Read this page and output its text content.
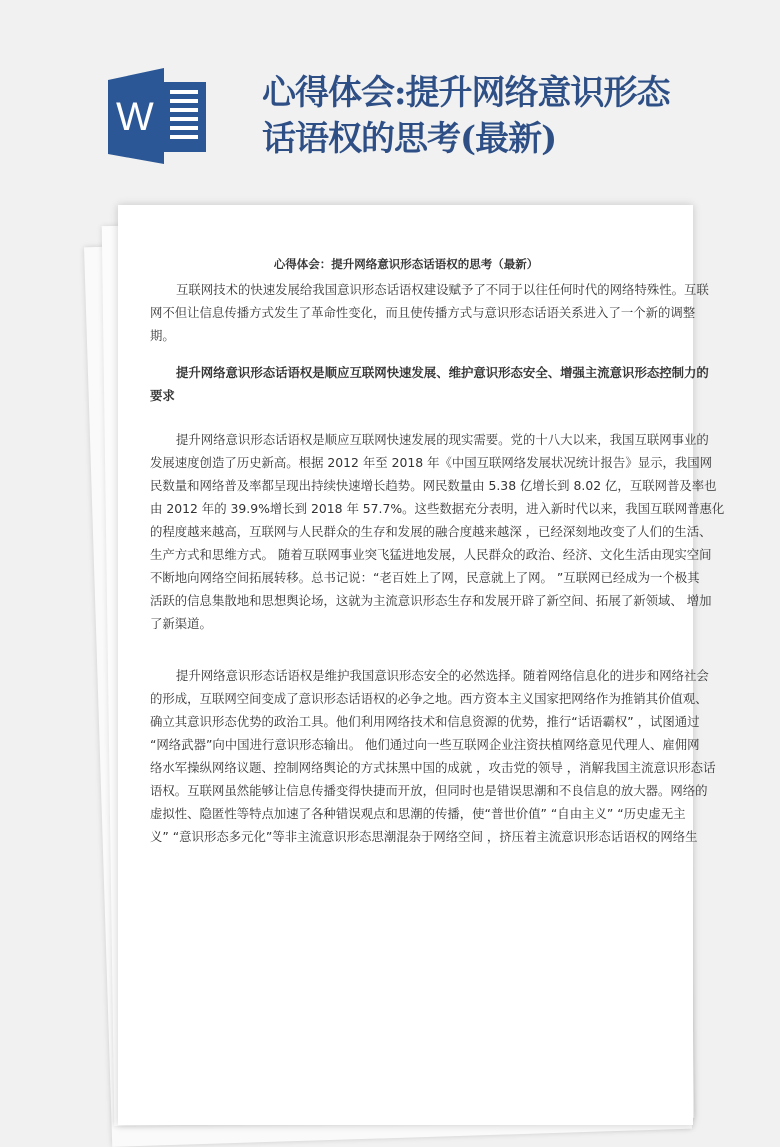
W
心得体会:提升网络意识形态
话语权的思考(最新)
心得体会：提升网络意识形态话语权的思考（最新）
互联网技术的快速发展给我国意识形态话语权建设赋予了不同于以往任何时代的网络特殊性。互联
网不但让信息传播方式发生了革命性变化，而且使传播方式与意识形态话语关系进入了一个新的调整
期。
提升网络意识形态话语权是顺应互联网快速发展、维护意识形态安全、增强主流意识形态控制力的
要求
提升网络意识形态话语权是顺应互联网快速发展的现实需要。党的十八大以来，我国互联网事业的
发展速度创造了历史新高。根据 2012 年至 2018 年《中国互联网络发展状况统计报告》显示，我国网
民数量和网络普及率都呈现出持续快速增长趋势。网民数量由 5.38 亿增长到 8.02 亿，互联网普及率也
由 2012 年的 39.9%增长到 2018 年 57.7%。这些数据充分表明，进入新时代以来，我国互联网普惠化
的程度越来越高，互联网与人民群众的生存和发展的融合度越来越深 ，已经深刻地改变了人们的生活、
生产方式和思维方式。 随着互联网事业突飞猛进地发展，人民群众的政治、经济、文化生活由现实空间
不断地向网络空间拓展转移。总书记说：“老百姓上了网，民意就上了网。 ”互联网已经成为一个极其
活跃的信息集散地和思想舆论场，这就为主流意识形态生存和发展开辟了新空间、拓展了新领域、 增加
了新渠道。
提升网络意识形态话语权是维护我国意识形态安全的必然选择。随着网络信息化的进步和网络社会
的形成，互联网空间变成了意识形态话语权的必争之地。西方资本主义国家把网络作为推销其价值观、
确立其意识形态优势的政治工具。他们利用网络技术和信息资源的优势，推行“话语霸权” ，试图通过
“网络武器”向中国进行意识形态输出。 他们通过向一些互联网企业注资扶植网络意见代理人、雇佣网
络水军操纵网络议题、控制网络舆论的方式抹黑中国的成就 ，攻击党的领导 ，消解我国主流意识形态话
语权。互联网虽然能够让信息传播变得快捷而开放，但同时也是错误思潮和不良信息的放大器。网络的
虚拟性、隐匿性等特点加速了各种错误观点和思潮的传播，使“普世价值” “自由主义” “历史虚无主
义” “意识形态多元化”等非主流意识形态思潮混杂于网络空间 ，挤压着主流意识形态话语权的网络生
